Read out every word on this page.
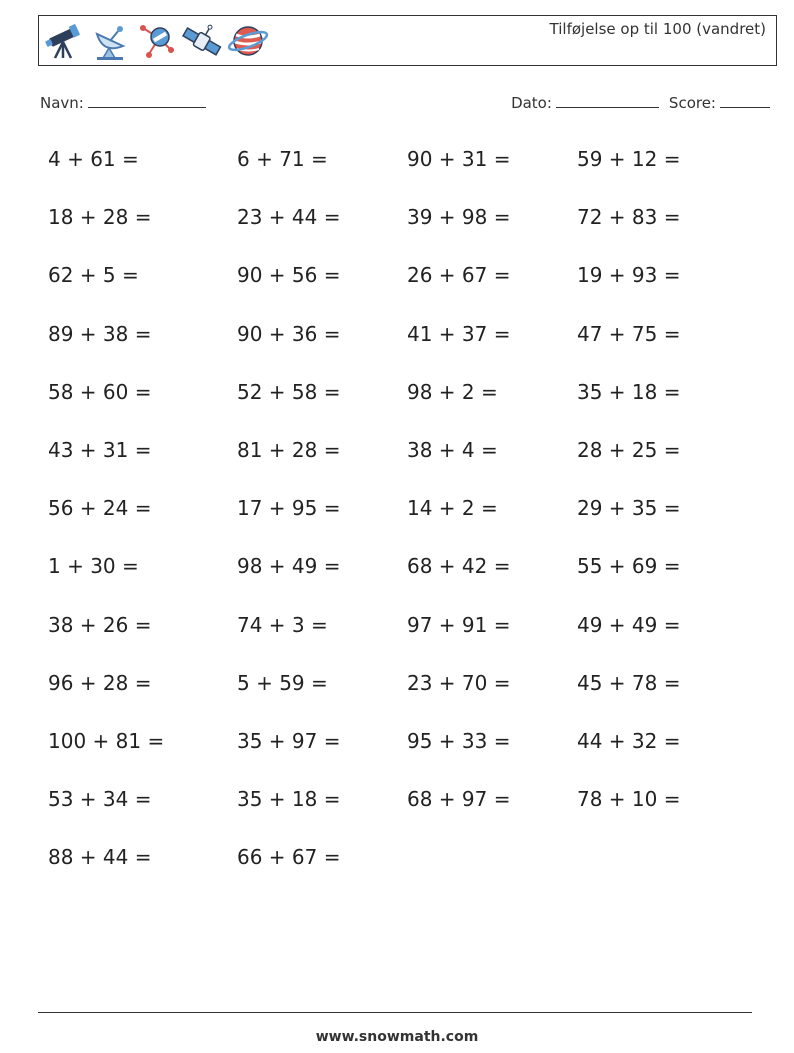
Tilføjelse op til 100 (vandret)
Navn:	Dato:	Score:
4 + 61 =	6 + 71 =	90 + 31 =	59 + 12 =
18 + 28 =	23 + 44 =	39 + 98 =	72 + 83 =
62 + 5 =	90 + 56 =	26 + 67 =	19 + 93 =
89 + 38 =	90 + 36 =	41 + 37 =	47 + 75 =
58 + 60 =	52 + 58 =	98 + 2 =	35 + 18 =
43 + 31 =	81 + 28 =	38 + 4 =	28 + 25 =
56 + 24 =	17 + 95 =	14 + 2 =	29 + 35 =
1 + 30 =	98 + 49 =	68 + 42 =	55 + 69 =
38 + 26 =	74 + 3 =	97 + 91 =	49 + 49 =
96 + 28 =	5 + 59 =	23 + 70 =	45 + 78 =
100 + 81 =	35 + 97 =	95 + 33 =	44 + 32 =
53 + 34 =	35 + 18 =	68 + 97 =	78 + 10 =
88 + 44 =	66 + 67 =
www.snowmath.com
